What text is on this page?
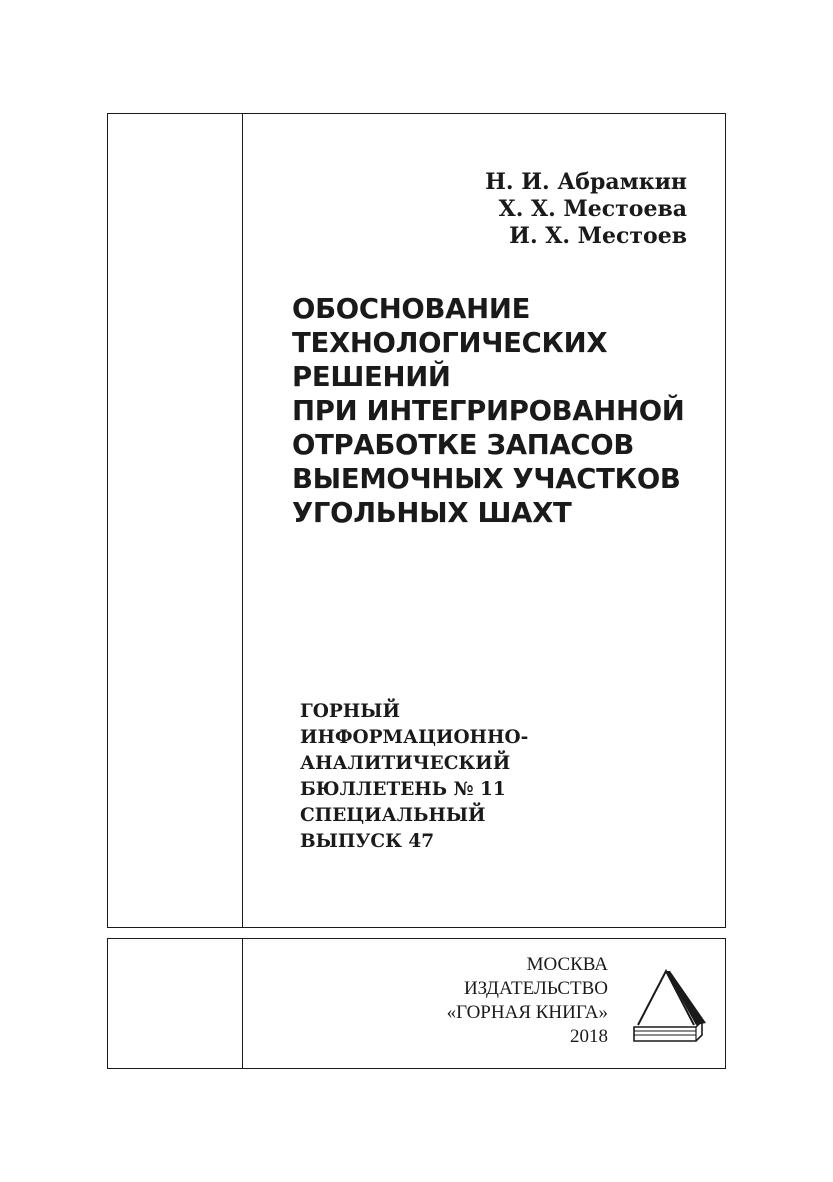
Н. И. Абрамкин
Х. Х. Местоева
И. Х. Местоев
ОБОСНОВАНИЕ
ТЕХНОЛОГИЧЕСКИХ
РЕШЕНИЙ
ПРИ ИНТЕГРИРОВАННОЙ
ОТРАБОТКЕ ЗАПАСОВ
ВЫЕМОЧНЫХ УЧАСТКОВ
УГОЛЬНЫХ ШАХТ
ГОРНЫЙ
ИНФОРМАЦИОННО-
АНАЛИТИЧЕСКИЙ
БЮЛЛЕТЕНЬ № 11
СПЕЦИАЛЬНЫЙ
ВЫПУСК 47
МОСКВА
ИЗДАТЕЛЬСТВО
«ГОРНАЯ КНИГА»
2018
